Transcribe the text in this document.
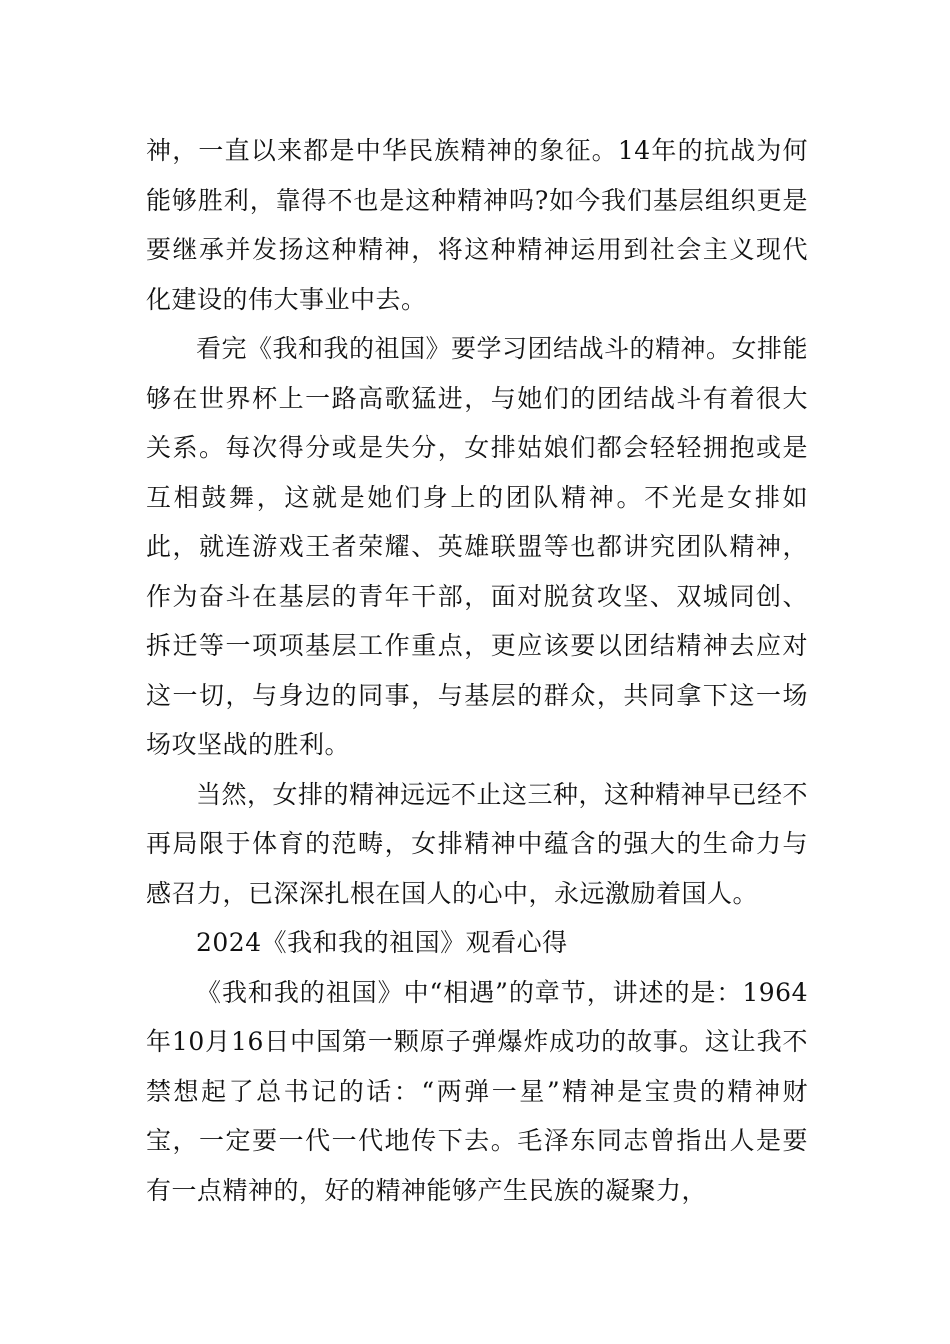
神，一直以来都是中华民族精神的象征。14年的抗战为何能够胜利，靠得不也是这种精神吗?如今我们基层组织更是要继承并发扬这种精神，将这种精神运用到社会主义现代化建设的伟大事业中去。

看完《我和我的祖国》要学习团结战斗的精神。女排能够在世界杯上一路高歌猛进，与她们的团结战斗有着很大关系。每次得分或是失分，女排姑娘们都会轻轻拥抱或是互相鼓舞，这就是她们身上的团队精神。不光是女排如此，就连游戏王者荣耀、英雄联盟等也都讲究团队精神，作为奋斗在基层的青年干部，面对脱贫攻坚、双城同创、拆迁等一项项基层工作重点，更应该要以团结精神去应对这一切，与身边的同事，与基层的群众，共同拿下这一场场攻坚战的胜利。

当然，女排的精神远远不止这三种，这种精神早已经不再局限于体育的范畴，女排精神中蕴含的强大的生命力与感召力，已深深扎根在国人的心中，永远激励着国人。

2024《我和我的祖国》观看心得

《我和我的祖国》中“相遇”的章节，讲述的是：1964年10月16日中国第一颗原子弹爆炸成功的故事。这让我不禁想起了总书记的话：“两弹一星”精神是宝贵的精神财宝，一定要一代一代地传下去。毛泽东同志曾指出人是要有一点精神的，好的精神能够产生民族的凝聚力，
